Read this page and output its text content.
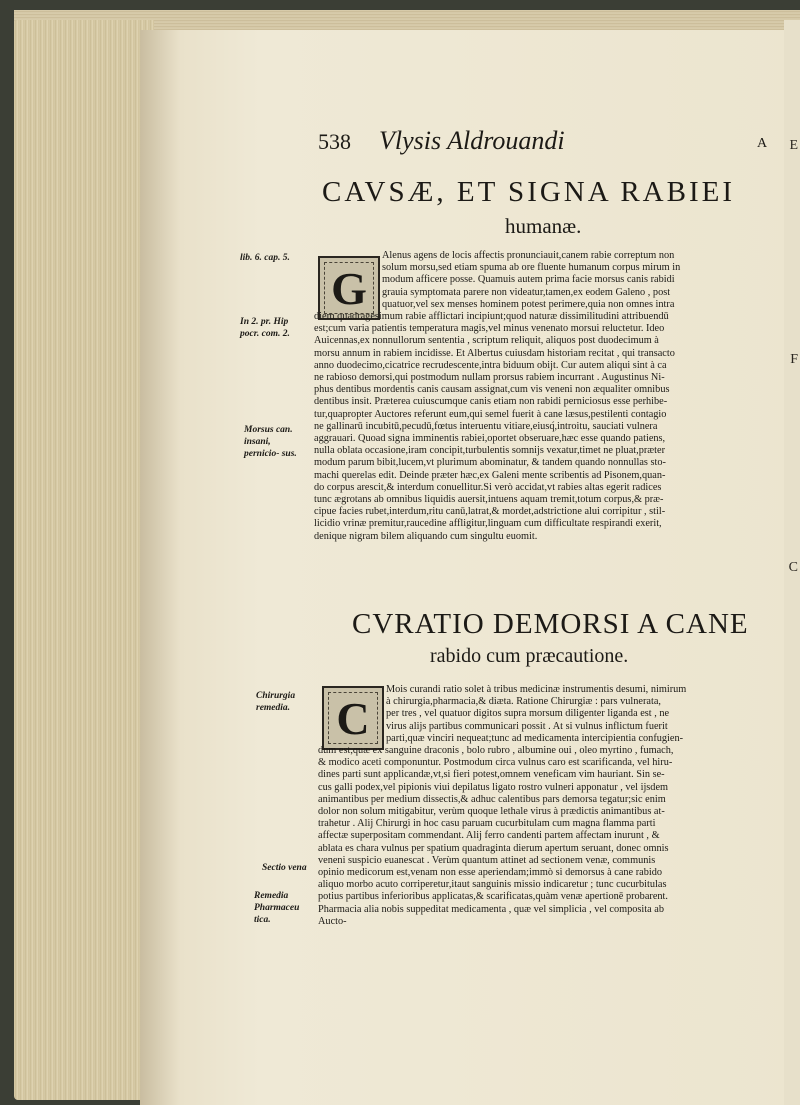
E
F
C
538 Vlysis Aldrouandi	A
CAVSÆ, ET SIGNA RABIEI
humanæ.
lib. 6. cap. 5.
In 2. pr. Hip pocr. com. 2.
Morsus can. insani, pernicio- sus.
G
Alenus agens de locis affectis pronunciauit,canem rabie correptum non
solum morsu,sed etiam spuma ab ore fluente humanum corpus mirum in
modum afficere posse. Quamuis autem prima facie morsus canis rabidi
grauia symptomata parere non videatur,tamen,ex eodem Galeno , post
quatuor,vel sex menses hominem potest perimere,quia non omnes intra
diem quadragesimum rabie afflictari incipiunt;quod naturæ dissimilitudini attribuendū
est;cum varia patientis temperatura magis,vel minus venenato morsui reluctetur. Ideo
Auicennas,ex nonnullorum sententia , scriptum reliquit, aliquos post duodecimum à
morsu annum in rabiem incidisse. Et Albertus cuiusdam historiam recitat , qui transacto
anno duodecimo,cicatrice recrudescente,intra biduum obijt. Cur autem aliqui sint à ca
ne rabioso demorsi,qui postmodum nullam prorsus rabiem incurrant . Augustinus Ni-
phus dentibus mordentis canis causam assignat,cum vis veneni non æqualiter omnibus
dentibus insit. Præterea cuiuscumque canis etiam non rabidi perniciosus esse perhibe-
tur,quapropter Auctores referunt eum,qui semel fuerit à cane læsus,pestilenti contagio
ne gallinarū incubitū,pecudū,fœtus interuentu vitiare,eiusq́,introitu, sauciati vulnera
aggrauari. Quoad signa imminentis rabiei,oportet obseruare,hæc esse quando patiens,
nulla oblata occasione,iram concipit,turbulentis somnijs vexatur,timet ne pluat,præter
modum parum bibit,lucem,vt plurimum abominatur, & tandem quando nonnullas sto-
machi querelas edit. Deinde præter hæc,ex Galeni mente scribentis ad Pisonem,quan-
do corpus arescit,& interdum conuellitur.Si verò accidat,vt rabies altas egerit radices
tunc ægrotans ab omnibus liquidis auersit,intuens aquam tremit,totum corpus,& præ-
cipue facies rubet,interdum,ritu canū,latrat,& mordet,adstrictione alui corripitur , stil-
licidio vrinæ premitur,raucedine affligitur,linguam cum difficultate respirandi exerit,
denique nigram bilem aliquando cum singultu euomit.
CVRATIO DEMORSI A CANE
rabido cum præcautione.
Chirurgia remedia.
Sectio vena
Remedia Pharmaceu tica.
C
Mois curandi ratio solet à tribus medicinæ instrumentis desumi, nimirum
à chirurgia,pharmacia,& diæta. Ratione Chirurgiæ : pars vulnerata,
per tres , vel quatuor digitos supra morsum diligenter liganda est , ne
virus alijs partibus communicari possit . At si vulnus inflictum fuerit
parti,quæ vinciri nequeat;tunc ad medicamenta intercipientia confugien-
dum est,quæ ex sanguine draconis , bolo rubro , albumine oui , oleo myrtino , fumach,
& modico aceti componuntur. Postmodum circa vulnus caro est scarificanda, vel hiru-
dines parti sunt applicandæ,vt,si fieri potest,omnem veneficam vim hauriant. Sin se-
cus galli podex,vel pipionis viui depilatus ligato rostro vulneri apponatur , vel ijsdem
animantibus per medium dissectis,& adhuc calentibus pars demorsa tegatur;sic enim
dolor non solum mitigabitur, verùm quoque lethale virus à prædictis animantibus at-
trahetur . Alij Chirurgi in hoc casu paruam cucurbitulam cum magna flamma parti
affectæ superpositam commendant. Alij ferro candenti partem affectam inurunt , &
ablata es chara vulnus per spatium quadraginta dierum apertum seruant, donec omnis
veneni suspicio euanescat . Verùm quantum attinet ad sectionem venæ, communis
opinio medicorum est,venam non esse aperiendam;immò si demorsus à cane rabido
aliquo morbo acuto corriperetur,itaut sanguinis missio indicaretur ; tunc cucurbitulas
potius partibus inferioribus applicatas,& scarificatas,quàm venæ apertionē probarent.
Pharmacia alia nobis suppeditat medicamenta , quæ vel simplicia , vel composita ab
Aucto-
